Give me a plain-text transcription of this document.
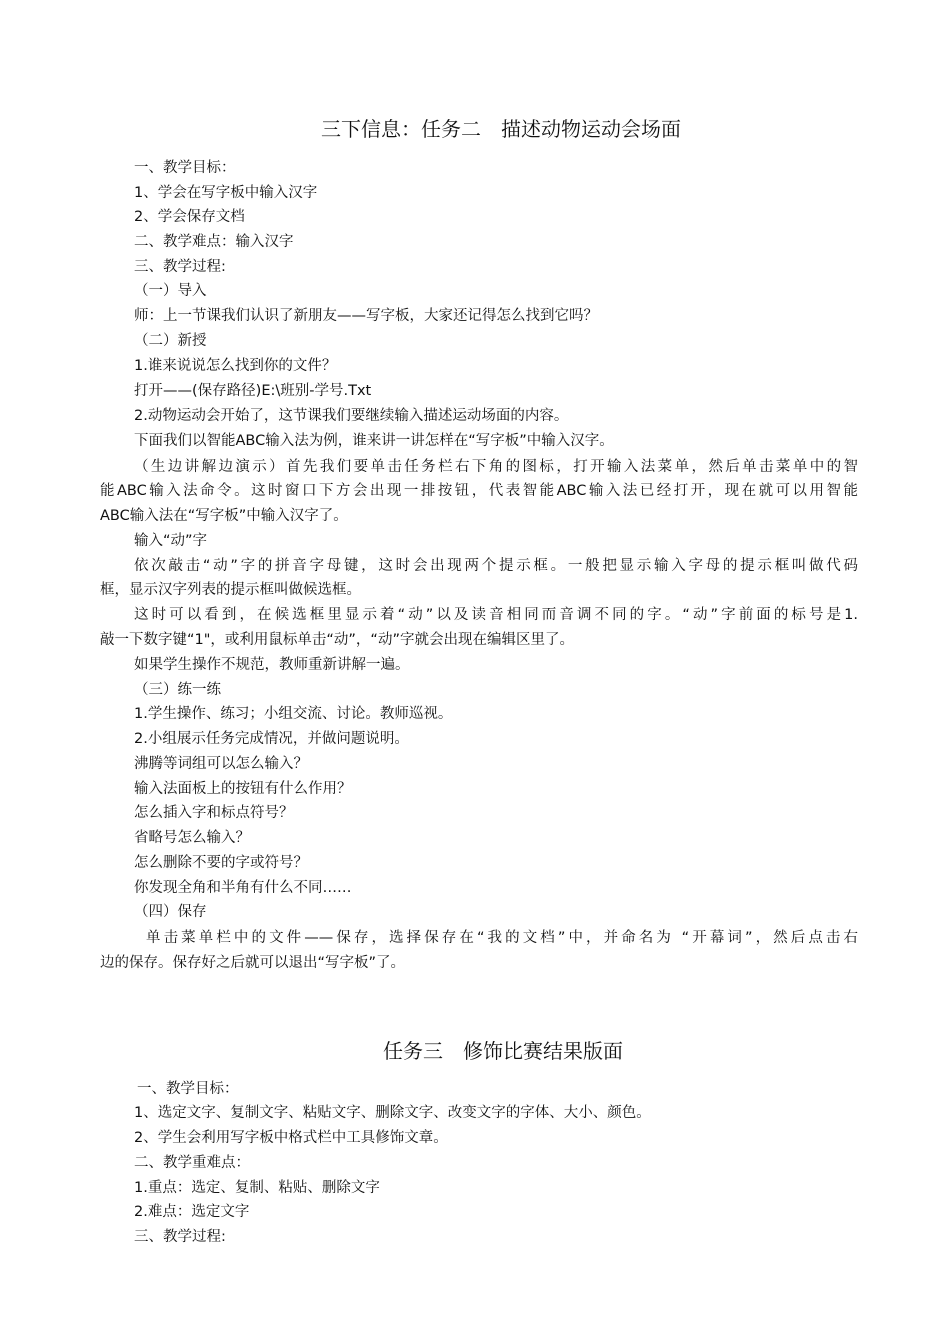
三下信息：任务二　描述动物运动会场面
一、教学目标：
1、学会在写字板中输入汉字
2、学会保存文档
二、教学难点：输入汉字
三、教学过程:
（一）导入
师：上一节课我们认识了新朋友——写字板，大家还记得怎么找到它吗？
（二）新授
1.谁来说说怎么找到你的文件？
打开——(保存路径)E:\班别-学号.Txt
2.动物运动会开始了，这节课我们要继续输入描述运动场面的内容。
下面我们以智能ABC输入法为例，谁来讲一讲怎样在“写字板”中输入汉字。
（生边讲解边演示）首先我们要单击任务栏右下角的图标，打开输入法菜单，然后单击菜单中的智
能ABC输入法命令。这时窗口下方会出现一排按钮，代表智能ABC输入法已经打开，现在就可以用智能
ABC输入法在“写字板”中输入汉字了。
输入“动”字
依次敲击“动”字的拼音字母键，这时会出现两个提示框。一般把显示输入字母的提示框叫做代码
框，显示汉字列表的提示框叫做候选框。
这时可以看到，在候选框里显示着“动”以及读音相同而音调不同的字。“动”字前面的标号是1.
敲一下数字键“1"，或利用鼠标单击“动”，“动”字就会出现在编辑区里了。
如果学生操作不规范，教师重新讲解一遍。
（三）练一练
1.学生操作、练习；小组交流、讨论。教师巡视。
2.小组展示任务完成情况，并做问题说明。
沸腾等词组可以怎么输入？
输入法面板上的按钮有什么作用？
怎么插入字和标点符号？
省略号怎么输入？
怎么删除不要的字或符号？
你发现全角和半角有什么不同……
（四）保存
单击菜单栏中的文件——保存，选择保存在“我的文档”中，并命名为 “开幕词”，然后点击右
边的保存。保存好之后就可以退出“写字板”了。
任务三　修饰比赛结果版面
一、教学目标：
1、选定文字、复制文字、粘贴文字、删除文字、改变文字的字体、大小、颜色。
2、学生会利用写字板中格式栏中工具修饰文章。
二、教学重难点：
1.重点：选定、复制、粘贴、删除文字
2.难点：选定文字
三、教学过程:
